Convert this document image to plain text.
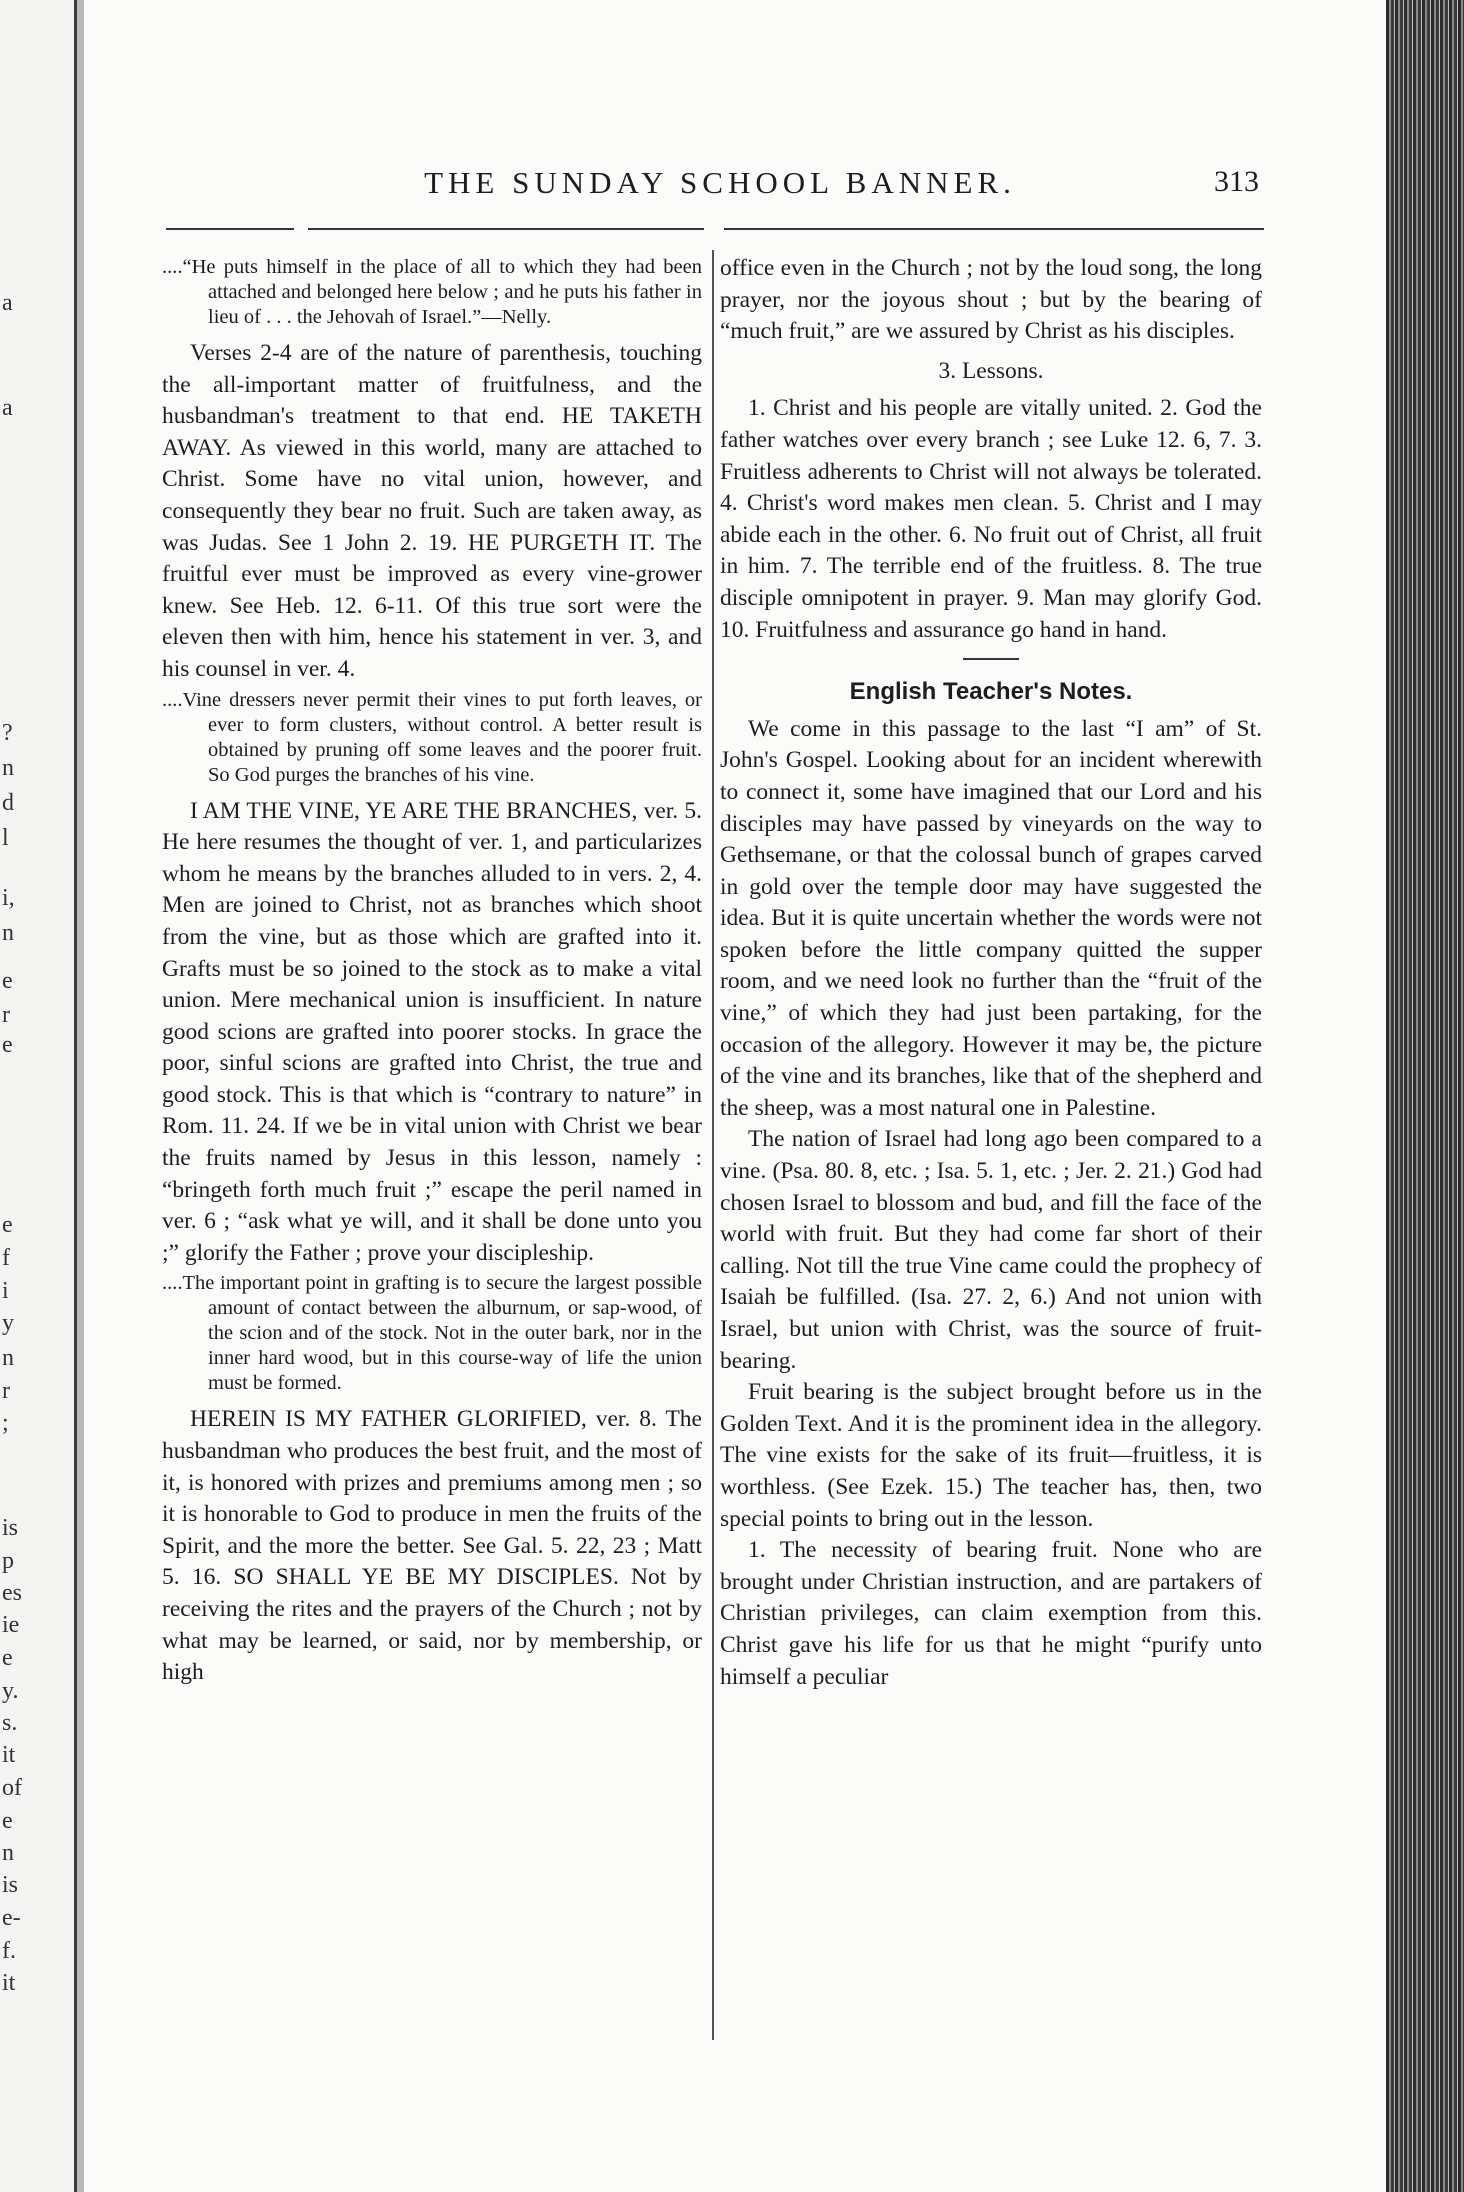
a
a
?
n
d
l
i,
n
e
r
e
e
f
i
y
n
r
;
is
p
es
ie
e
y.
s.
it
of
e
n
is
e-
f.
it
THE SUNDAY SCHOOL BANNER.	313
....“He puts himself in the place of all to which they had been attached and belonged here below ; and he puts his father in lieu of . . . the Jehovah of Israel.”—Nelly.

Verses 2-4 are of the nature of parenthesis, touching the all-important matter of fruitfulness, and the husbandman's treatment to that end. HE TAKETH AWAY. As viewed in this world, many are attached to Christ. Some have no vital union, however, and consequently they bear no fruit. Such are taken away, as was Judas. See 1 John 2. 19. HE PURGETH IT. The fruitful ever must be improved as every vine-grower knew. See Heb. 12. 6-11. Of this true sort were the eleven then with him, hence his statement in ver. 3, and his counsel in ver. 4.

....Vine dressers never permit their vines to put forth leaves, or ever to form clusters, without control. A better result is obtained by pruning off some leaves and the poorer fruit. So God purges the branches of his vine.

I AM THE VINE, YE ARE THE BRANCHES, ver. 5. He here resumes the thought of ver. 1, and particularizes whom he means by the branches alluded to in vers. 2, 4. Men are joined to Christ, not as branches which shoot from the vine, but as those which are grafted into it. Grafts must be so joined to the stock as to make a vital union. Mere mechanical union is insufficient. In nature good scions are grafted into poorer stocks. In grace the poor, sinful scions are grafted into Christ, the true and good stock. This is that which is “contrary to nature” in Rom. 11. 24. If we be in vital union with Christ we bear the fruits named by Jesus in this lesson, namely : “bringeth forth much fruit ;” escape the peril named in ver. 6 ; “ask what ye will, and it shall be done unto you ;” glorify the Father ; prove your discipleship.

....The important point in grafting is to secure the largest possible amount of contact between the alburnum, or sap-wood, of the scion and of the stock. Not in the outer bark, nor in the inner hard wood, but in this course-way of life the union must be formed.

HEREIN IS MY FATHER GLORIFIED, ver. 8. The husbandman who produces the best fruit, and the most of it, is honored with prizes and premiums among men ; so it is honorable to God to produce in men the fruits of the Spirit, and the more the better. See Gal. 5. 22, 23 ; Matt 5. 16. SO SHALL YE BE MY DISCIPLES. Not by receiving the rites and the prayers of the Church ; not by what may be learned, or said, nor by membership, or high

office even in the Church ; not by the loud song, the long prayer, nor the joyous shout ; but by the bearing of “much fruit,” are we assured by Christ as his disciples.

3. Lessons.

1. Christ and his people are vitally united. 2. God the father watches over every branch ; see Luke 12. 6, 7. 3. Fruitless adherents to Christ will not always be tolerated. 4. Christ's word makes men clean. 5. Christ and I may abide each in the other. 6. No fruit out of Christ, all fruit in him. 7. The terrible end of the fruitless. 8. The true disciple omnipotent in prayer. 9. Man may glorify God. 10. Fruitfulness and assurance go hand in hand.

English Teacher's Notes.

We come in this passage to the last “I am” of St. John's Gospel. Looking about for an incident wherewith to connect it, some have imagined that our Lord and his disciples may have passed by vineyards on the way to Gethsemane, or that the colossal bunch of grapes carved in gold over the temple door may have suggested the idea. But it is quite uncertain whether the words were not spoken before the little company quitted the supper room, and we need look no further than the “fruit of the vine,” of which they had just been partaking, for the occasion of the allegory. However it may be, the picture of the vine and its branches, like that of the shepherd and the sheep, was a most natural one in Palestine.

The nation of Israel had long ago been compared to a vine. (Psa. 80. 8, etc. ; Isa. 5. 1, etc. ; Jer. 2. 21.) God had chosen Israel to blossom and bud, and fill the face of the world with fruit. But they had come far short of their calling. Not till the true Vine came could the prophecy of Isaiah be fulfilled. (Isa. 27. 2, 6.) And not union with Israel, but union with Christ, was the source of fruit-bearing.

Fruit bearing is the subject brought before us in the Golden Text. And it is the prominent idea in the allegory. The vine exists for the sake of its fruit—fruitless, it is worthless. (See Ezek. 15.) The teacher has, then, two special points to bring out in the lesson.

1. The necessity of bearing fruit. None who are brought under Christian instruction, and are partakers of Christian privileges, can claim exemption from this. Christ gave his life for us that he might “purify unto himself a peculiar
